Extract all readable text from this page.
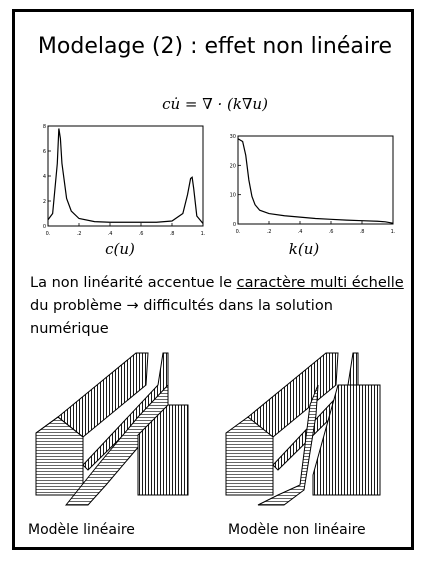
Modelage (2) : effet non linéaire
cu̇ = ∇ · (k∇u)
0.	.2	.4	.6	.8	1.
0
2
4
6
8
0.	.2	.4	.6	.8	1.
0
10
20
30
c(u)	k(u)
La non linéarité accentue le caractère multi échelle du problème → difficultés dans la solution numérique
Modèle linéaire	Modèle non linéaire
